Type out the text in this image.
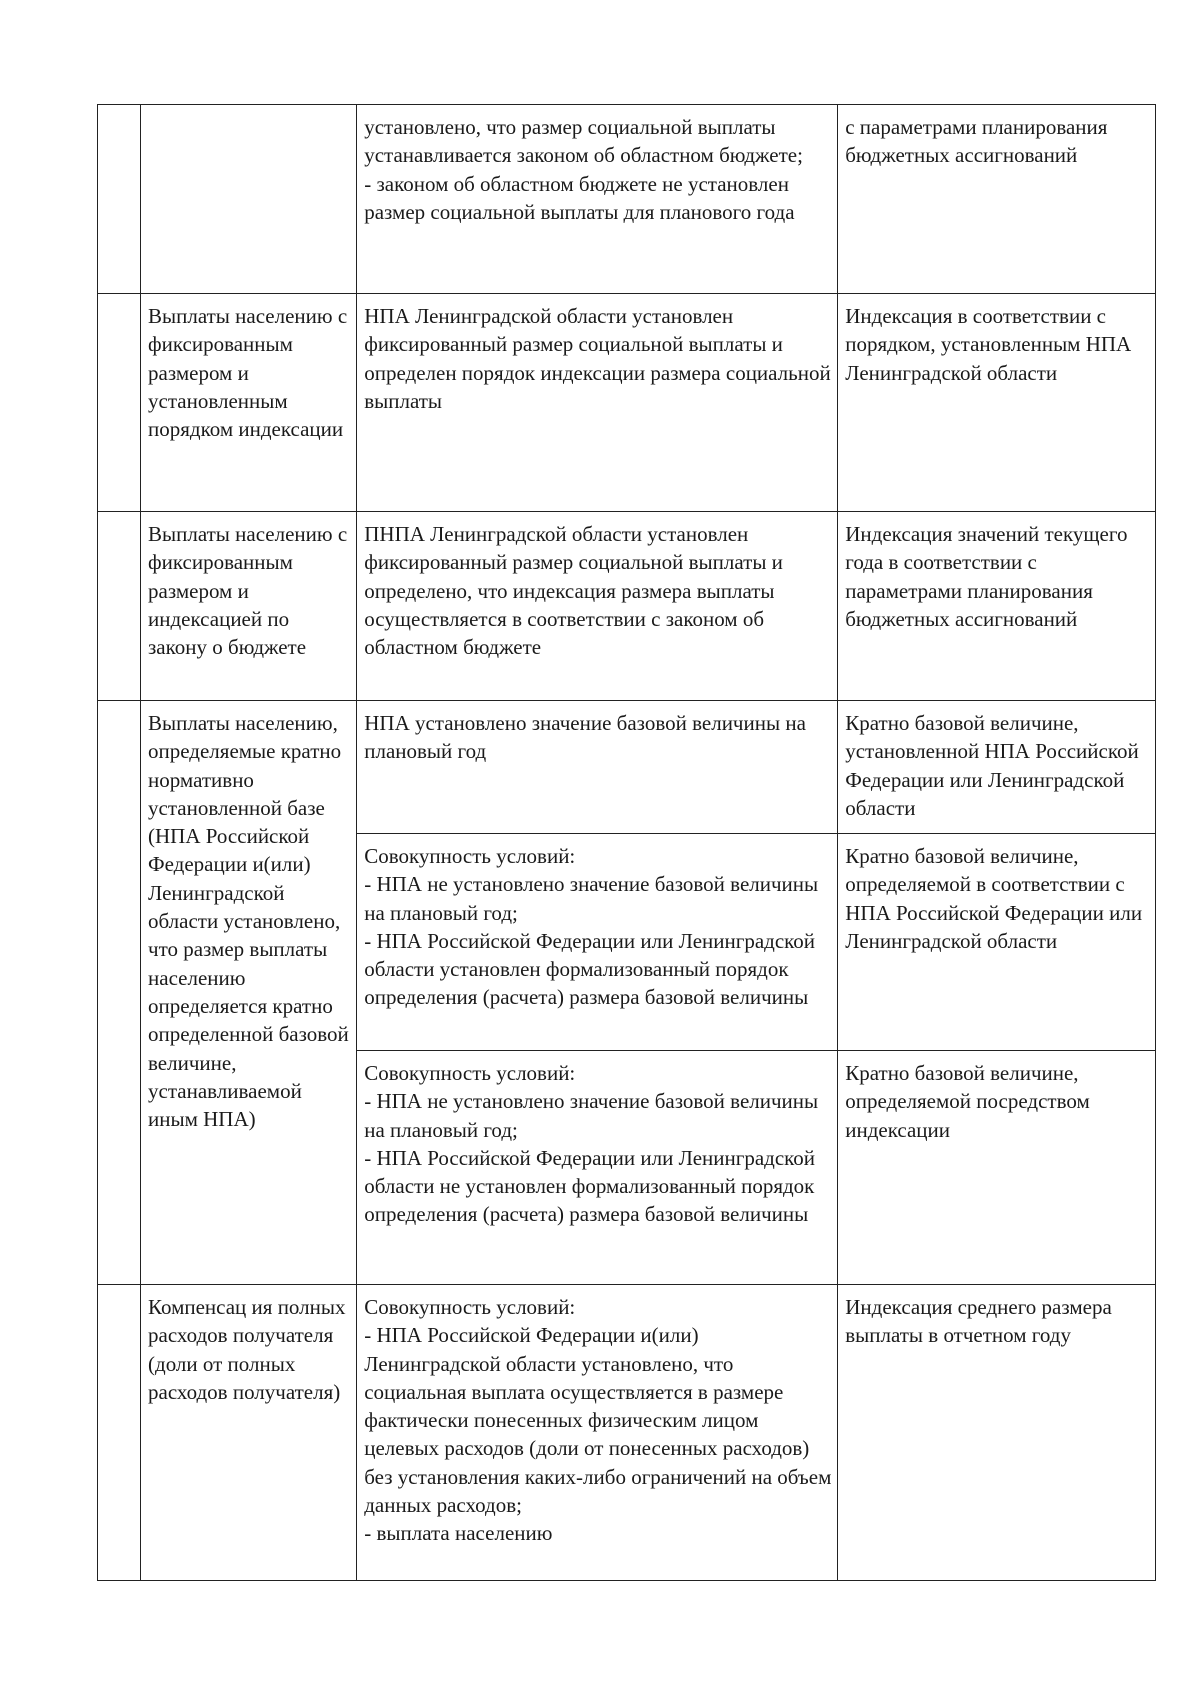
		установлено, что размер социальной выплаты устанавливается законом об областном бюджете;
- законом об областном бюджете не установлен размер социальной выплаты для планового года	с параметрами планирования бюджетных ассигнований

	Выплаты населению с фиксированным размером и установленным порядком индексации	НПА Ленинградской области установлен фиксированный размер социальной выплаты и определен порядок индексации размера социальной выплаты	Индексация в соответствии с порядком, установленным НПА Ленинградской области

	Выплаты населению с фиксированным размером и индексацией по закону о бюджете	ПНПА Ленинградской области установлен фиксированный размер социальной выплаты и определено, что индексация размера выплаты осуществляется в соответствии с законом об областном бюджете	Индексация значений текущего года в соответствии с параметрами планирования бюджетных ассигнований

	Выплаты населению, определяемые кратно нормативно установленной базе
(НПА Российской Федерации и(или) Ленинградской области установлено, что размер выплаты населению определяется кратно определенной базовой величине, устанавливаемой иным НПА)	НПА установлено значение базовой величины на плановый год	Кратно базовой величине, установленной НПА Российской Федерации или Ленинградской области

		Совокупность условий:
- НПА не установлено значение базовой величины на плановый год;
- НПА Российской Федерации или Ленинградской области установлен формализованный порядок определения (расчета) размера базовой величины	Кратно базовой величине, определяемой в соответствии с НПА Российской Федерации или Ленинградской области

		Совокупность условий:
- НПА не установлено значение базовой величины на плановый год;
- НПА Российской Федерации или Ленинградской области не установлен формализованный порядок определения (расчета) размера базовой величины	Кратно базовой величине, определяемой посредством индексации

	Компенсац ия полных расходов получателя (доли от полных расходов получателя)	Совокупность условий:
- НПА Российской Федерации и(или) Ленинградской области установлено, что социальная выплата осуществляется в размере фактически понесенных физическим лицом целевых расходов (доли от понесенных расходов) без установления каких-либо ограничений на объем данных расходов;
- выплата населению	Индексация среднего размера выплаты в отчетном году
